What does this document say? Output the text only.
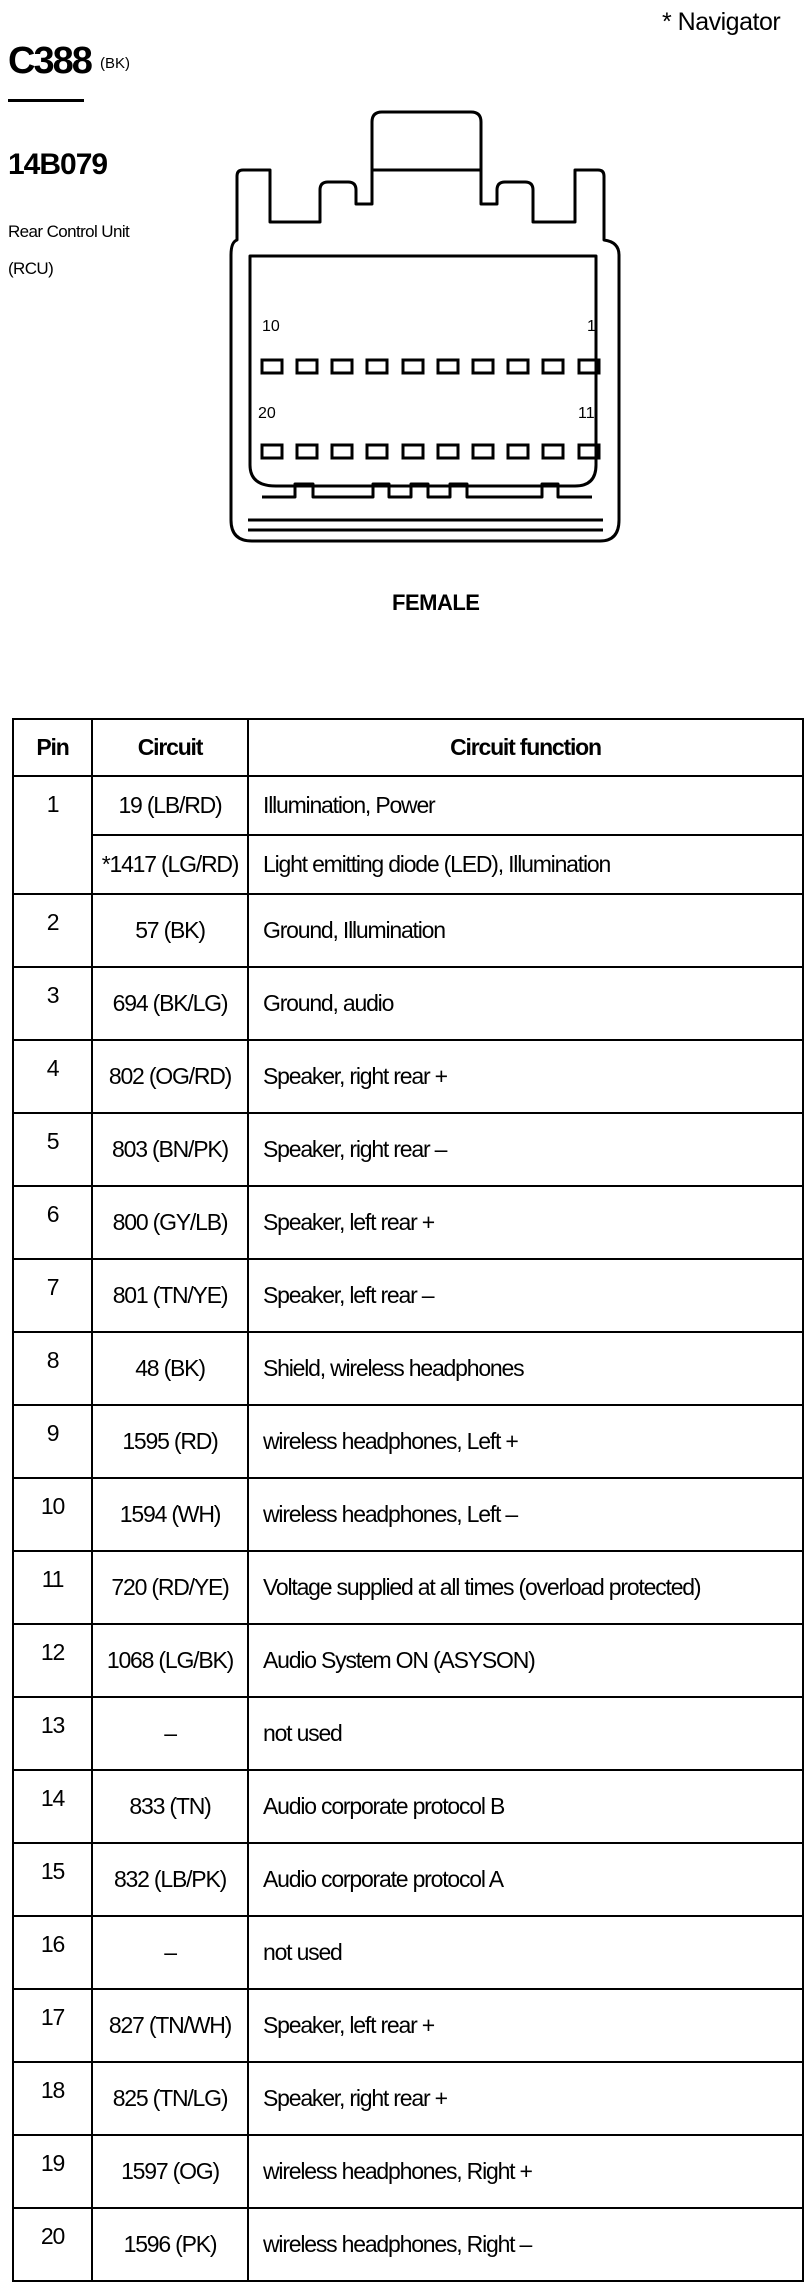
* Navigator
C388 (BK)
14B079
Rear Control Unit
(RCU)
10	1
20	11
FEMALE
Pin	Circuit	Circuit function
1	19 (LB/RD)	Illumination, Power
	*1417 (LG/RD)	Light emitting diode (LED), Illumination
2	57 (BK)	Ground, Illumination
3	694 (BK/LG)	Ground, audio
4	802 (OG/RD)	Speaker, right rear +
5	803 (BN/PK)	Speaker, right rear –
6	800 (GY/LB)	Speaker, left rear +
7	801 (TN/YE)	Speaker, left rear –
8	48 (BK)	Shield, wireless headphones
9	1595 (RD)	wireless headphones, Left +
10	1594 (WH)	wireless headphones, Left –
11	720 (RD/YE)	Voltage supplied at all times (overload protected)
12	1068 (LG/BK)	Audio System ON (ASYSON)
13	–	not used
14	833 (TN)	Audio corporate protocol B
15	832 (LB/PK)	Audio corporate protocol A
16	–	not used
17	827 (TN/WH)	Speaker, left rear +
18	825 (TN/LG)	Speaker, right rear +
19	1597 (OG)	wireless headphones, Right +
20	1596 (PK)	wireless headphones, Right –
